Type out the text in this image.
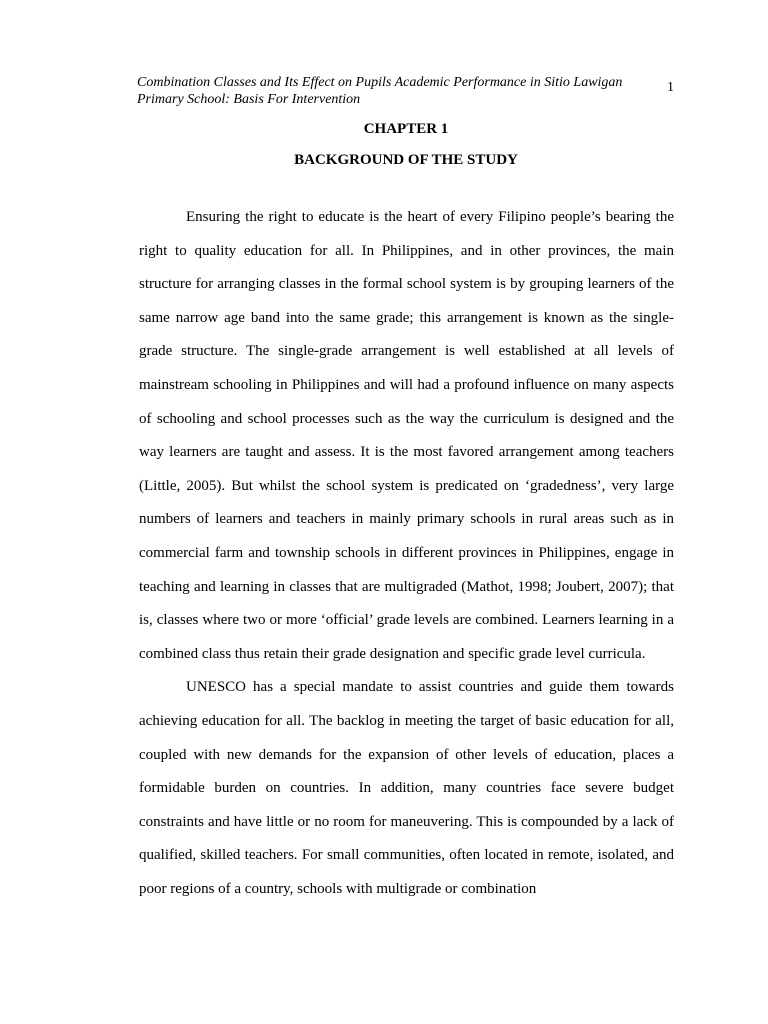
Combination Classes and Its Effect on Pupils Academic Performance in Sitio Lawigan Primary School: Basis For Intervention
1
CHAPTER 1
BACKGROUND OF THE STUDY

Ensuring the right to educate is the heart of every Filipino people’s bearing the right to quality education for all. In Philippines, and in other provinces, the main structure for arranging classes in the formal school system is by grouping learners of the same narrow age band into the same grade; this arrangement is known as the single-grade structure. The single-grade arrangement is well established at all levels of mainstream schooling in Philippines and will had a profound influence on many aspects of schooling and school processes such as the way the curriculum is designed and the way learners are taught and assess. It is the most favored arrangement among teachers (Little, 2005). But whilst the school system is predicated on ‘gradedness’, very large numbers of learners and teachers in mainly primary schools in rural areas such as in commercial farm and township schools in different provinces in Philippines, engage in teaching and learning in classes that are multigraded (Mathot, 1998; Joubert, 2007); that is, classes where two or more ‘official’ grade levels are combined. Learners learning in a combined class thus retain their grade designation and specific grade level curricula.

UNESCO has a special mandate to assist countries and guide them towards achieving education for all. The backlog in meeting the target of basic education for all, coupled with new demands for the expansion of other levels of education, places a formidable burden on countries. In addition, many countries face severe budget constraints and have little or no room for maneuvering. This is compounded by a lack of qualified, skilled teachers. For small communities, often located in remote, isolated, and poor regions of a country, schools with multigrade or combination
